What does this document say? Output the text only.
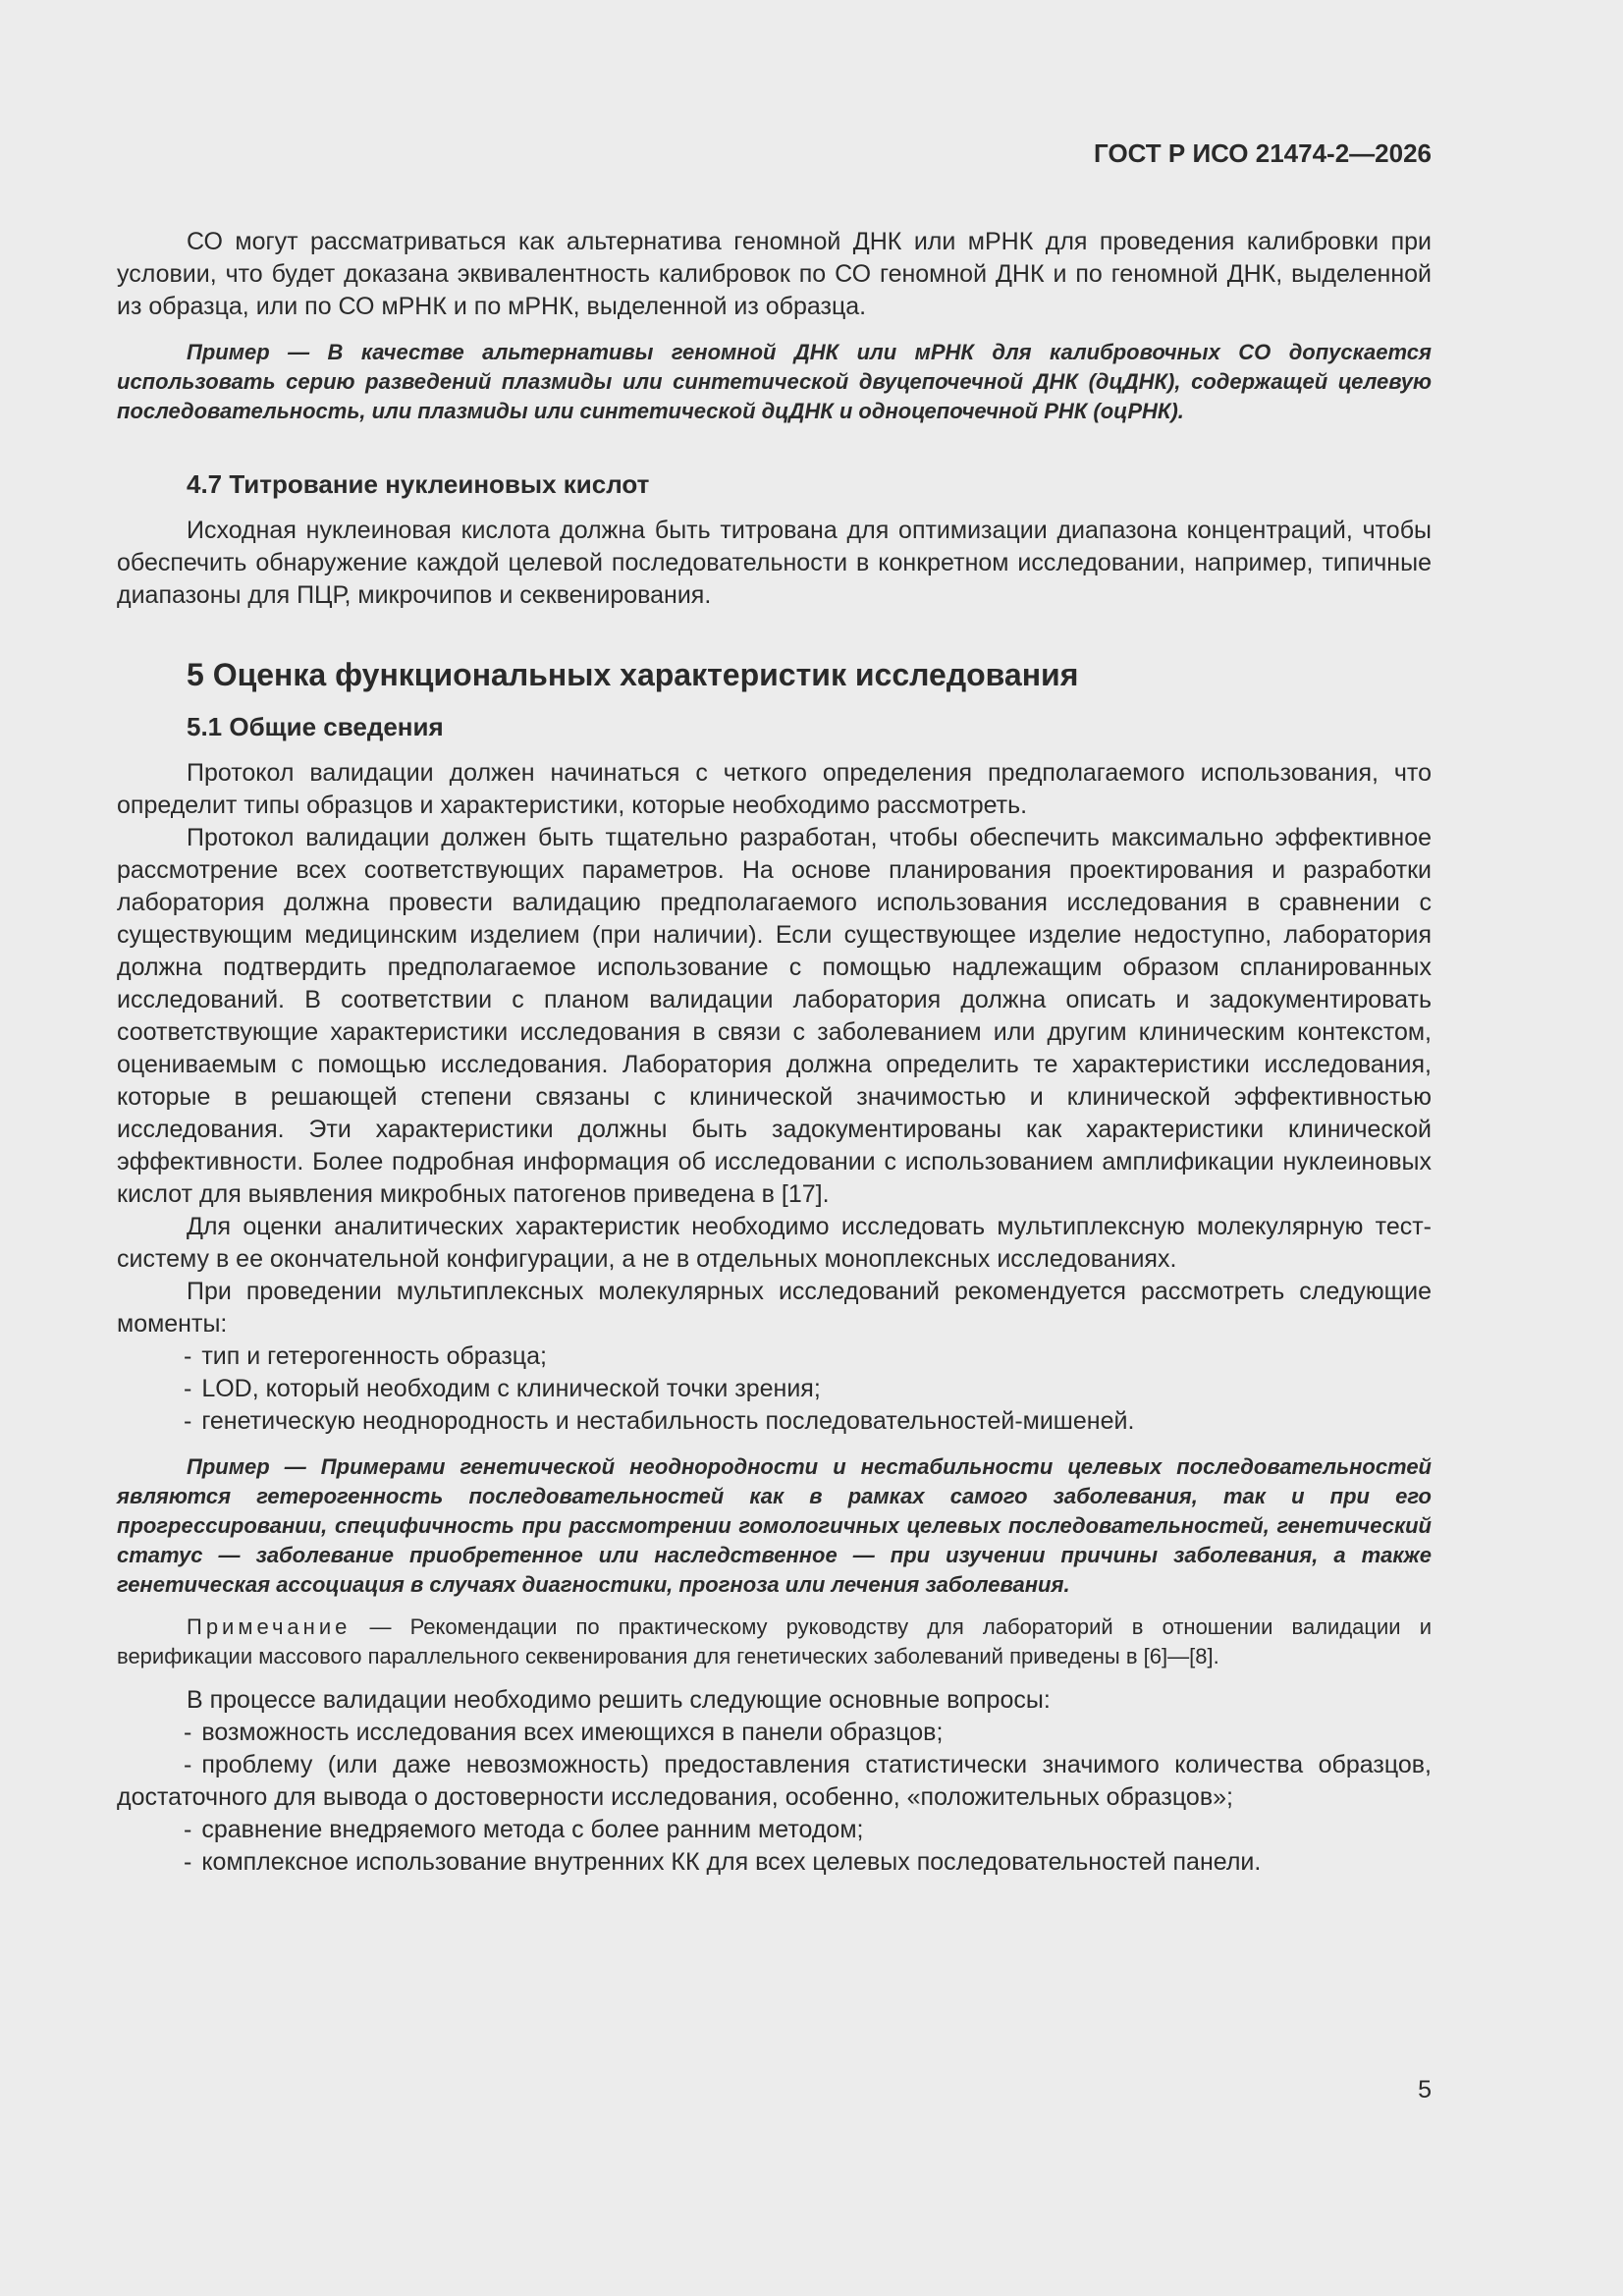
ГОСТ Р ИСО 21474-2—2026

СО могут рассматриваться как альтернатива геномной ДНК или мРНК для проведения калибровки при условии, что будет доказана эквивалентность калибровок по СО геномной ДНК и по геномной ДНК, выделенной из образца, или по СО мРНК и по мРНК, выделенной из образца.

Пример — В качестве альтернативы геномной ДНК или мРНК для калибровочных СО допускается использовать серию разведений плазмиды или синтетической двуцепочечной ДНК (дцДНК), содержащей целевую последовательность, или плазмиды или синтетической дцДНК и одноцепочечной РНК (оцРНК).

4.7 Титрование нуклеиновых кислот

Исходная нуклеиновая кислота должна быть титрована для оптимизации диапазона концентраций, чтобы обеспечить обнаружение каждой целевой последовательности в конкретном исследовании, например, типичные диапазоны для ПЦР, микрочипов и секвенирования.

5 Оценка функциональных характеристик исследования
5.1 Общие сведения

Протокол валидации должен начинаться с четкого определения предполагаемого использования, что определит типы образцов и характеристики, которые необходимо рассмотреть.

Протокол валидации должен быть тщательно разработан, чтобы обеспечить максимально эффективное рассмотрение всех соответствующих параметров. На основе планирования проектирования и разработки лаборатория должна провести валидацию предполагаемого использования исследования в сравнении с существующим медицинским изделием (при наличии). Если существующее изделие недоступно, лаборатория должна подтвердить предполагаемое использование с помощью надлежащим образом спланированных исследований. В соответствии с планом валидации лаборатория должна описать и задокументировать соответствующие характеристики исследования в связи с заболеванием или другим клиническим контекстом, оцениваемым с помощью исследования. Лаборатория должна определить те характеристики исследования, которые в решающей степени связаны с клинической значимостью и клинической эффективностью исследования. Эти характеристики должны быть задокументированы как характеристики клинической эффективности. Более подробная информация об исследовании с использованием амплификации нуклеиновых кислот для выявления микробных патогенов приведена в [17].

Для оценки аналитических характеристик необходимо исследовать мультиплексную молекулярную тест-систему в ее окончательной конфигурации, а не в отдельных моноплексных исследованиях.

При проведении мультиплексных молекулярных исследований рекомендуется рассмотреть следующие моменты:

- тип и гетерогенность образца;
- LOD, который необходим с клинической точки зрения;
- генетическую неоднородность и нестабильность последовательностей-мишеней.

Пример — Примерами генетической неоднородности и нестабильности целевых последовательностей являются гетерогенность последовательностей как в рамках самого заболевания, так и при его прогрессировании, специфичность при рассмотрении гомологичных целевых последовательностей, генетический статус — заболевание приобретенное или наследственное — при изучении причины заболевания, а также генетическая ассоциация в случаях диагностики, прогноза или лечения заболевания.

Примечание — Рекомендации по практическому руководству для лабораторий в отношении валидации и верификации массового параллельного секвенирования для генетических заболеваний приведены в [6]—[8].

В процессе валидации необходимо решить следующие основные вопросы:

- возможность исследования всех имеющихся в панели образцов;
- проблему (или даже невозможность) предоставления статистически значимого количества образцов, достаточного для вывода о достоверности исследования, особенно, «положительных образцов»;
- сравнение внедряемого метода с более ранним методом;
- комплексное использование внутренних КК для всех целевых последовательностей панели.
5
